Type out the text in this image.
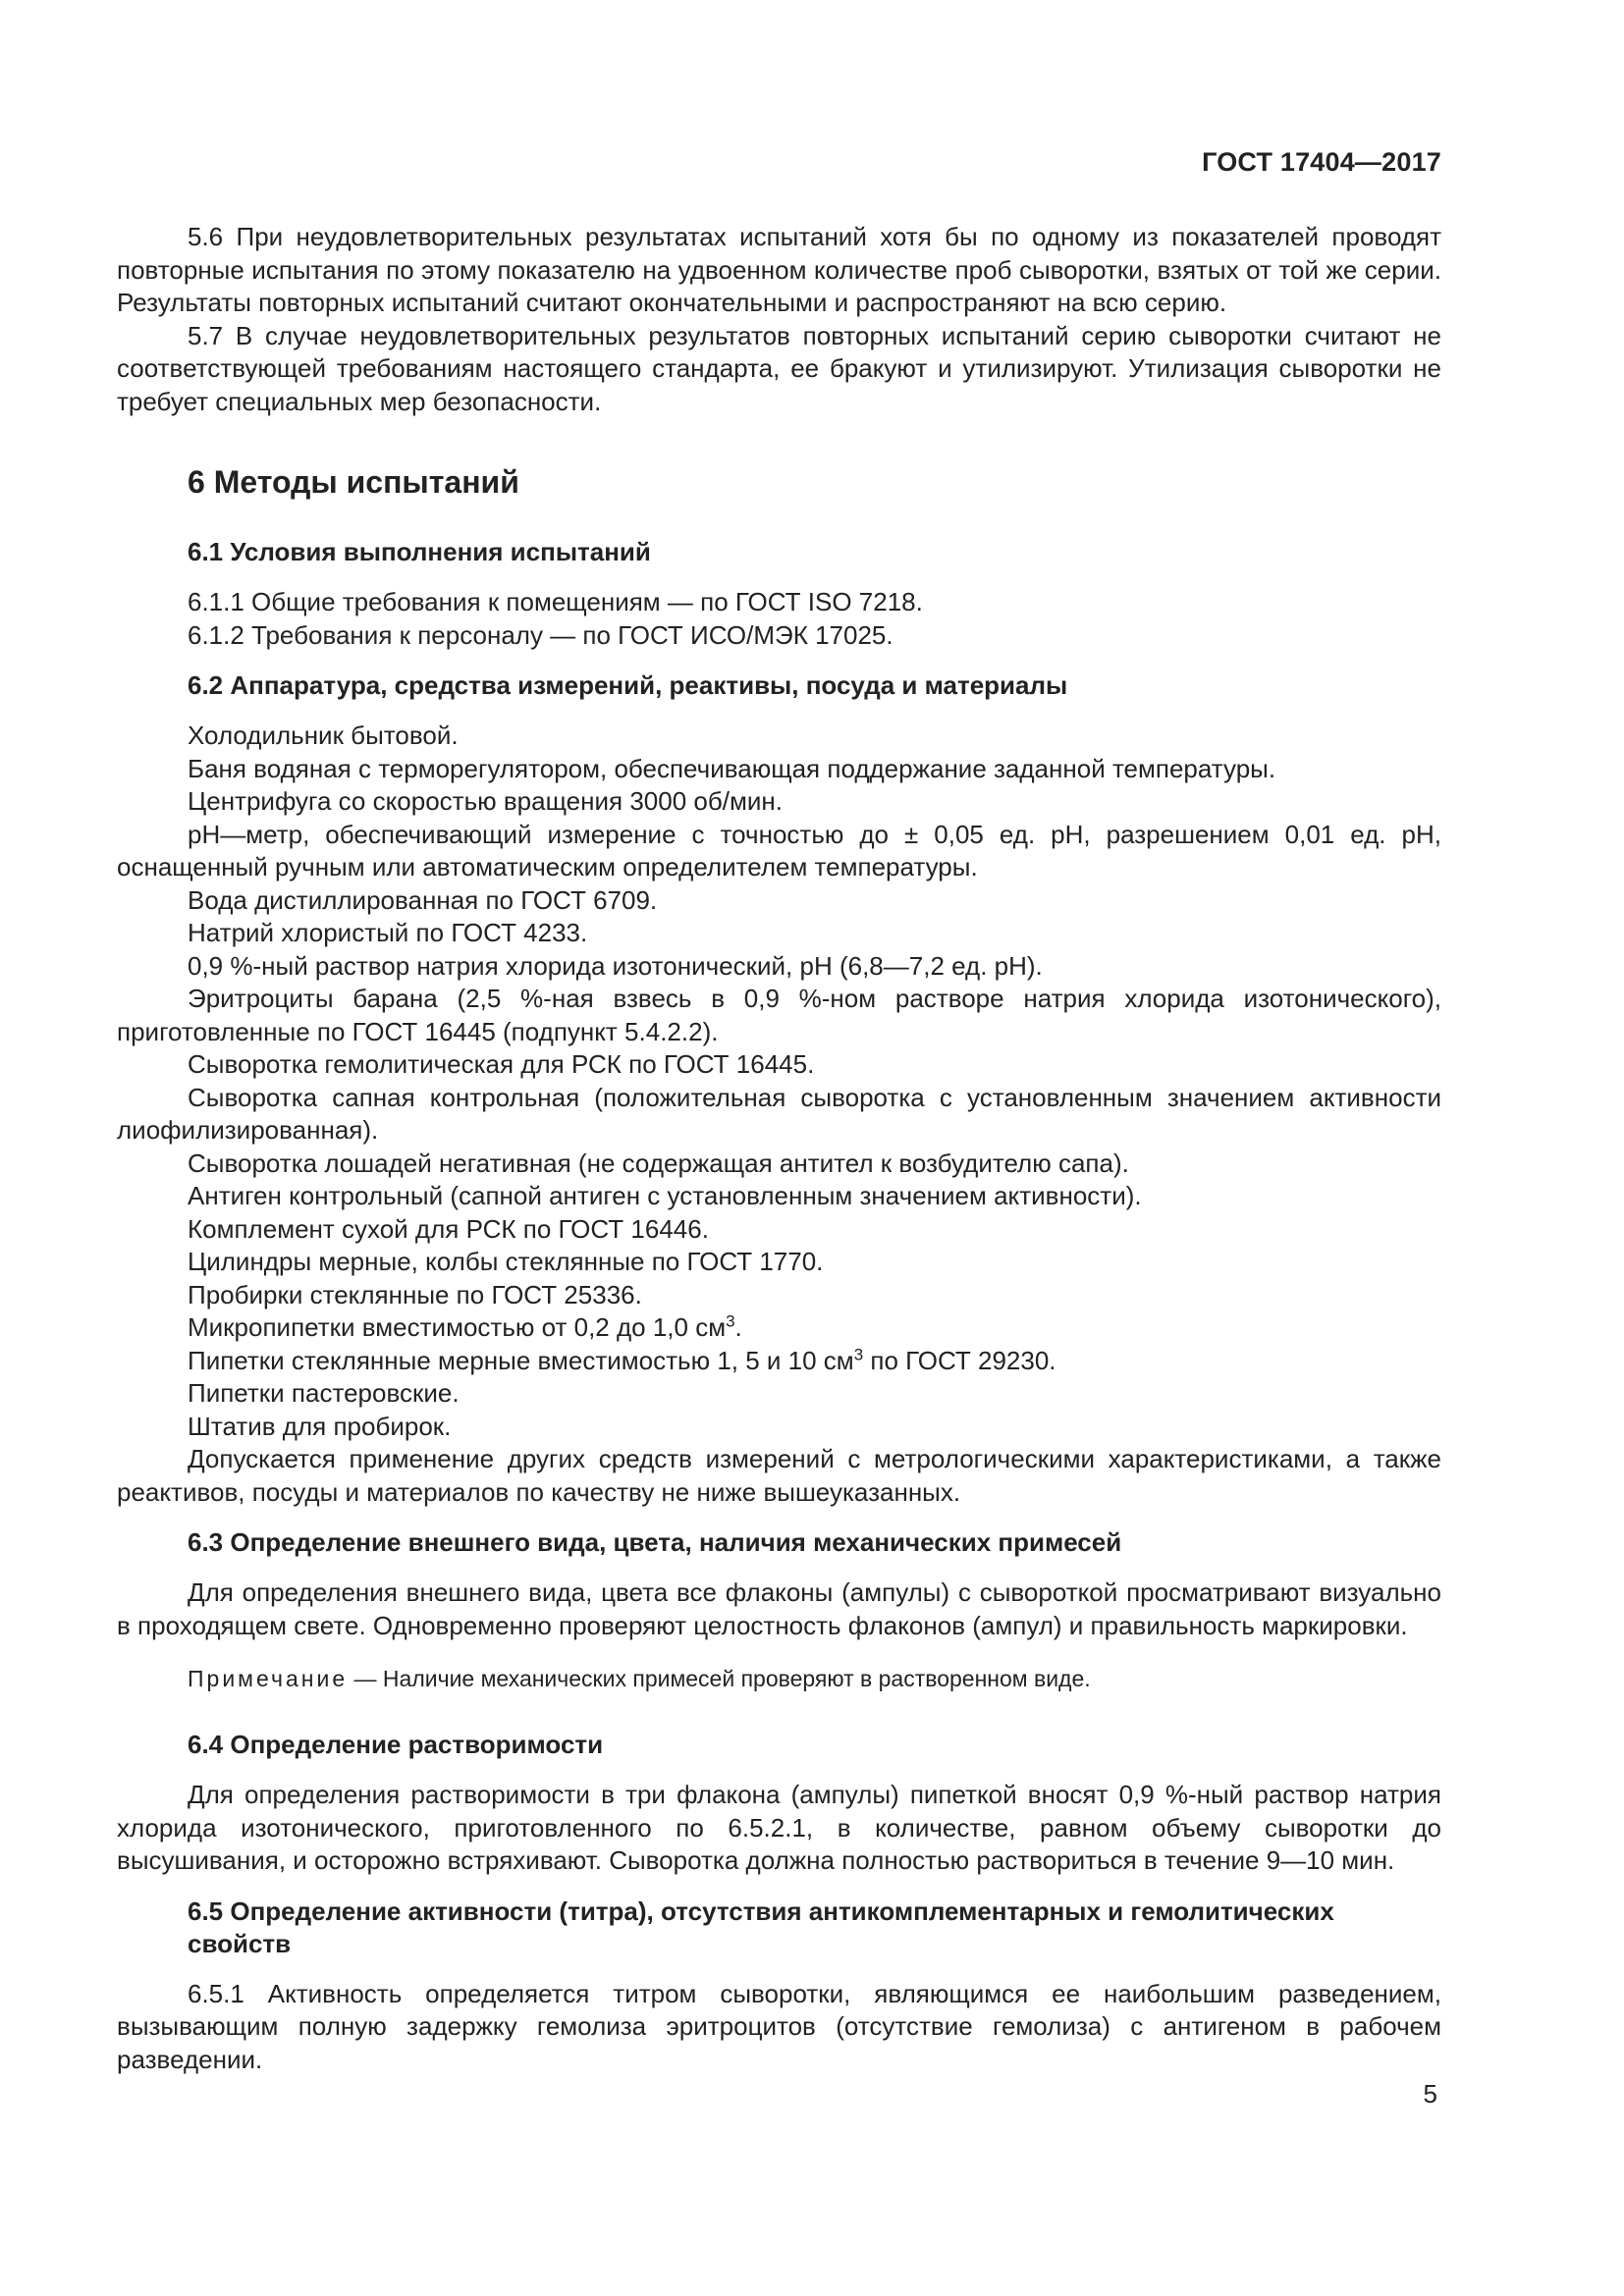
ГОСТ 17404—2017

5.6 При неудовлетворительных результатах испытаний хотя бы по одному из показателей проводят повторные испытания по этому показателю на удвоенном количестве проб сыворотки, взятых от той же серии. Результаты повторных испытаний считают окончательными и распространяют на всю серию.

5.7 В случае неудовлетворительных результатов повторных испытаний серию сыворотки считают не соответствующей требованиям настоящего стандарта, ее бракуют и утилизируют. Утилизация сыворотки не требует специальных мер безопасности.

6 Методы испытаний
6.1 Условия выполнения испытаний

6.1.1 Общие требования к помещениям — по ГОСТ ISO 7218.

6.1.2 Требования к персоналу — по ГОСТ ИСО/МЭК 17025.

6.2 Аппаратура, средства измерений, реактивы, посуда и материалы

Холодильник бытовой.

Баня водяная с терморегулятором, обеспечивающая поддержание заданной температуры.

Центрифуга со скоростью вращения 3000 об/мин.

pH—метр, обеспечивающий измерение с точностью до ± 0,05 ед. pH, разрешением 0,01 ед. pH, оснащенный ручным или автоматическим определителем температуры.

Вода дистиллированная по ГОСТ 6709.

Натрий хлористый по ГОСТ 4233.

0,9 %-ный раствор натрия хлорида изотонический, pH (6,8—7,2 ед. pH).

Эритроциты барана (2,5 %-ная взвесь в 0,9 %-ном растворе натрия хлорида изотонического), приготовленные по ГОСТ 16445 (подпункт 5.4.2.2).

Сыворотка гемолитическая для РСК по ГОСТ 16445.

Сыворотка сапная контрольная (положительная сыворотка с установленным значением активности лиофилизированная).

Сыворотка лошадей негативная (не содержащая антител к возбудителю сапа).

Антиген контрольный (сапной антиген с установленным значением активности).

Комплемент сухой для РСК по ГОСТ 16446.

Цилиндры мерные, колбы стеклянные по ГОСТ 1770.

Пробирки стеклянные по ГОСТ 25336.

Микропипетки вместимостью от 0,2 до 1,0 $см^3$.

Пипетки стеклянные мерные вместимостью 1, 5 и 10 $см^3$ по ГОСТ 29230.

Пипетки пастеровские.

Штатив для пробирок.

Допускается применение других средств измерений с метрологическими характеристиками, а также реактивов, посуды и материалов по качеству не ниже вышеуказанных.

6.3 Определение внешнего вида, цвета, наличия механических примесей

Для определения внешнего вида, цвета все флаконы (ампулы) с сывороткой просматривают визуально в проходящем свете. Одновременно проверяют целостность флаконов (ампул) и правильность маркировки.

Примечание — Наличие механических примесей проверяют в растворенном виде.
6.4 Определение растворимости

Для определения растворимости в три флакона (ампулы) пипеткой вносят 0,9 %-ный раствор натрия хлорида изотонического, приготовленного по 6.5.2.1, в количестве, равном объему сыворотки до высушивания, и осторожно встряхивают. Сыворотка должна полностью раствориться в течение 9—10 мин.

6.5 Определение активности (титра), отсутствия антикомплементарных и гемолитических свойств

6.5.1 Активность определяется титром сыворотки, являющимся ее наибольшим разведением, вызывающим полную задержку гемолиза эритроцитов (отсутствие гемолиза) с антигеном в рабочем разведении.

5
